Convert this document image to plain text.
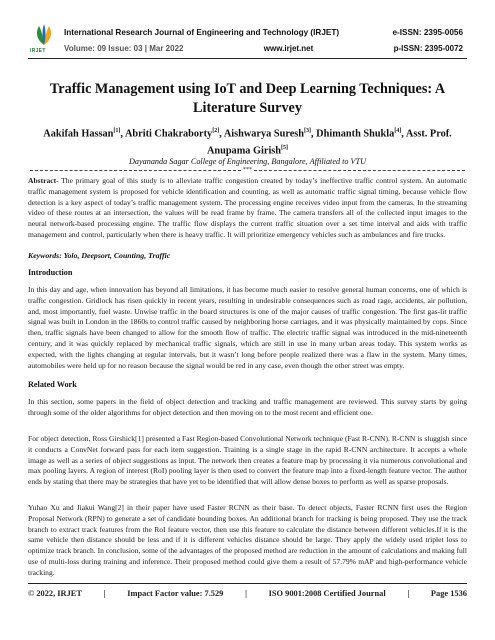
IRJET
International Research Journal of Engineering and Technology (IRJET)	e-ISSN: 2395-0056
Volume: 09 Issue: 03 | Mar 2022	www.irjet.net	p-ISSN: 2395-0072
Traffic Management using IoT and Deep Learning Techniques: A Literature Survey
Aakifah Hassan[1], Abriti Chakraborty[2], Aishwarya Suresh[3], Dhimanth Shukla[4], Asst. Prof.
Anupama Girish[5]
Dayananda Sagar College of Engineering, Bangalore, Affiliated to VTU
***
Abstract- The primary goal of this study is to alleviate traffic congestion created by today’s ineffective traffic control system. An automatic traffic management system is proposed for vehicle identification and counting, as well as automatic traffic signal timing, because vehicle flow detection is a key aspect of today’s traffic management system. The processing engine receives video input from the cameras. In the streaming video of these routes at an intersection, the values will be read frame by frame. The camera transfers all of the collected input images to the neural network-based processing engine. The traffic flow displays the current traffic situation over a set time interval and aids with traffic management and control, particularly when there is heavy traffic. It will prioritize emergency vehicles such as ambulances and fire trucks.
Keywords: Yolo, Deepsort, Counting, Traffic
Introduction
In this day and age, when innovation has beyond all limitations, it has become much easier to resolve general human concerns, one of which is traffic congestion. Gridlock has risen quickly in recent years, resulting in undesirable consequences such as road rage, accidents, air pollution, and, most importantly, fuel waste. Unwise traffic in the board structures is one of the major causes of traffic congestion. The first gas-lit traffic signal was built in London in the 1860s to control traffic caused by neighboring horse carriages, and it was physically maintained by cops. Since then, traffic signals have been changed to allow for the smooth flow of traffic. The electric traffic signal was introduced in the mid-nineteenth century, and it was quickly replaced by mechanical traffic signals, which are still in use in many urban areas today. This system works as expected, with the lights changing at regular intervals, but it wasn’t long before people realized there was a flaw in the system. Many times, automobiles were held up for no reason because the signal would be red in any case, even though the other street was empty.
Related Work
In this section, some papers in the field of object detection and tracking and traffic management are reviewed. This survey starts by going through some of the older algorithms for object detection and then moving on to the most recent and efficient one.
For object detection, Ross Girshick[1] presented a Fast Region-based Convolutional Network technique (Fast R-CNN). R-CNN is sluggish since it conducts a ConvNet forward pass for each item suggestion. Training is a single stage in the rapid R-CNN architecture. It accepts a whole image as well as a series of object suggestions as input. The network then creates a feature map by processing it via numerous convolutional and max pooling layers. A region of interest (RoI) pooling layer is then used to convert the feature map into a fixed-length feature vector. The author ends by stating that there may be strategies that have yet to be identified that will allow dense boxes to perform as well as sparse proposals.
Yuhao Xu and Jiakui Wang[2] in their paper have used Faster RCNN as their base. To detect objects, Faster RCNN first uses the Region Proposal Network (RPN) to generate a set of candidate bounding boxes. An additional branch for tracking is being proposed. They use the track branch to extract track features from the RoI feature vector, then use this feature to calculate the distance between different vehicles.If it is the same vehicle then distance should be less and if it is different vehicles distance should be large. They apply the widely used triplet loss to optimize track branch. In conclusion, some of the advantages of the proposed method are reduction in the amount of calculations and making full use of multi-loss during training and inference. Their proposed method could give them a result of 57.79% mAP and high-performance vehicle tracking.
© 2022, IRJET	|	Impact Factor value: 7.529	|	ISO 9001:2008 Certified Journal	|	Page 1536
